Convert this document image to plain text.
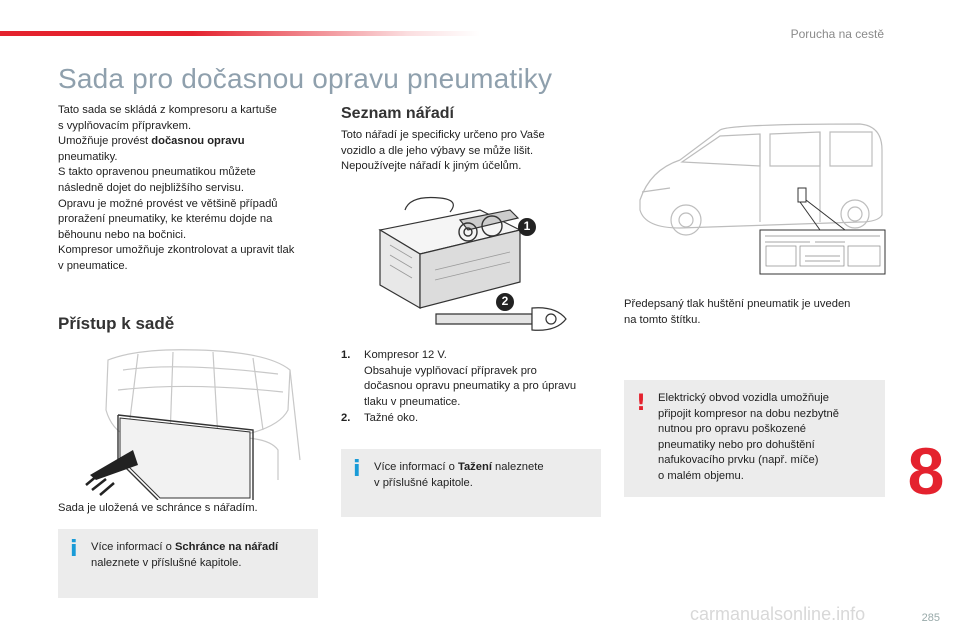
Porucha na cestě
Sada pro dočasnou opravu pneumatiky

Tato sada se skládá z kompresoru a kartuše
s vyplňovacím přípravkem.
Umožňuje provést dočasnou opravu
pneumatiky.
S takto opravenou pneumatikou můžete
následně dojet do nejbližšího servisu.
Opravu je možné provést ve většině případů
proražení pneumatiky, ke kterému dojde na
běhounu nebo na bočnici.
Kompresor umožňuje zkontrolovat a upravit tlak
v pneumatice.

Přístup k sadě
Sada je uložená ve schránce s nářadím.
i Více informací o Schránce na nářadí
naleznete v příslušné kapitole.
Seznam nářadí
Toto nářadí je specificky určeno pro Vaše
vozidlo a dle jeho výbavy se může lišit.
Nepoužívejte nářadí k jiným účelům.
1
2
1.	Kompresor 12 V.
Obsahuje vyplňovací přípravek pro
dočasnou opravu pneumatiky a pro úpravu
tlaku v pneumatice.
2.	Tažné oko.
i Více informací o Tažení naleznete
v příslušné kapitole.
Předepsaný tlak huštění pneumatik je uveden
na tomto štítku.
! Elektrický obvod vozidla umožňuje
připojit kompresor na dobu nezbytně
nutnou pro opravu poškozené
pneumatiky nebo pro dohuštění
nafukovacího prvku (např. míče)
o malém objemu.	8
carmanualsonline.info	285
